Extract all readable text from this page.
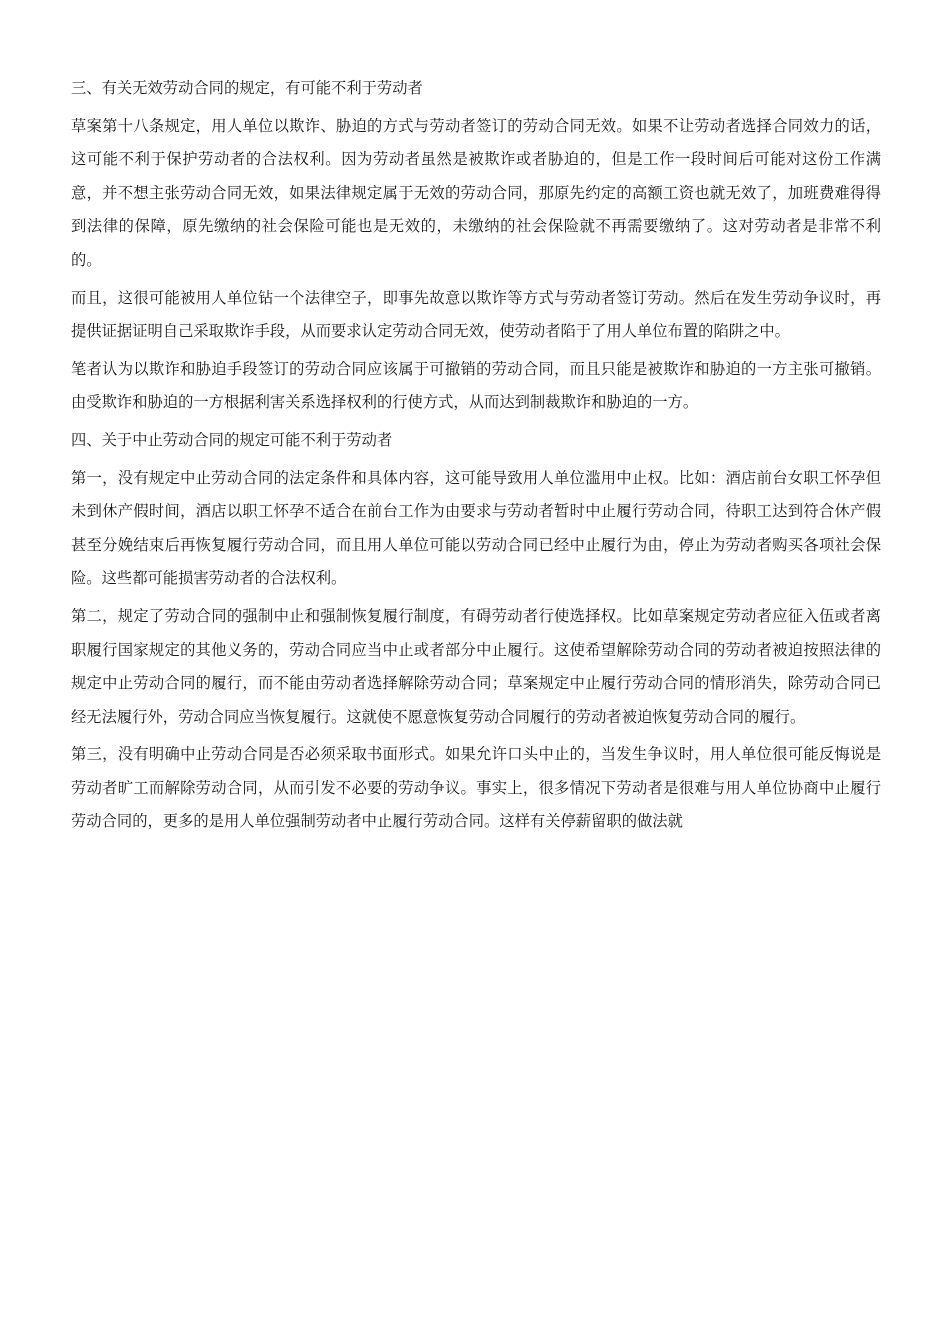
三、有关无效劳动合同的规定，有可能不利于劳动者

草案第十八条规定，用人单位以欺诈、胁迫的方式与劳动者签订的劳动合同无效。如果不让劳动者选择合同效力的话，这可能不利于保护劳动者的合法权利。因为劳动者虽然是被欺诈或者胁迫的，但是工作一段时间后可能对这份工作满意，并不想主张劳动合同无效，如果法律规定属于无效的劳动合同，那原先约定的高额工资也就无效了，加班费难得得到法律的保障，原先缴纳的社会保险可能也是无效的，未缴纳的社会保险就不再需要缴纳了。这对劳动者是非常不利的。

而且，这很可能被用人单位钻一个法律空子，即事先故意以欺诈等方式与劳动者签订劳动。然后在发生劳动争议时，再提供证据证明自己采取欺诈手段，从而要求认定劳动合同无效，使劳动者陷于了用人单位布置的陷阱之中。

笔者认为以欺诈和胁迫手段签订的劳动合同应该属于可撤销的劳动合同，而且只能是被欺诈和胁迫的一方主张可撤销。由受欺诈和胁迫的一方根据利害关系选择权利的行使方式，从而达到制裁欺诈和胁迫的一方。

四、关于中止劳动合同的规定可能不利于劳动者

第一，没有规定中止劳动合同的法定条件和具体内容，这可能导致用人单位滥用中止权。比如：酒店前台女职工怀孕但未到休产假时间，酒店以职工怀孕不适合在前台工作为由要求与劳动者暂时中止履行劳动合同，待职工达到符合休产假甚至分娩结束后再恢复履行劳动合同，而且用人单位可能以劳动合同已经中止履行为由，停止为劳动者购买各项社会保险。这些都可能损害劳动者的合法权利。

第二，规定了劳动合同的强制中止和强制恢复履行制度，有碍劳动者行使选择权。比如草案规定劳动者应征入伍或者离职履行国家规定的其他义务的，劳动合同应当中止或者部分中止履行。这使希望解除劳动合同的劳动者被迫按照法律的规定中止劳动合同的履行，而不能由劳动者选择解除劳动合同；草案规定中止履行劳动合同的情形消失，除劳动合同已经无法履行外，劳动合同应当恢复履行。这就使不愿意恢复劳动合同履行的劳动者被迫恢复劳动合同的履行。

第三，没有明确中止劳动合同是否必须采取书面形式。如果允许口头中止的，当发生争议时，用人单位很可能反悔说是劳动者旷工而解除劳动合同，从而引发不必要的劳动争议。事实上，很多情况下劳动者是很难与用人单位协商中止履行劳动合同的，更多的是用人单位强制劳动者中止履行劳动合同。这样有关停薪留职的做法就
